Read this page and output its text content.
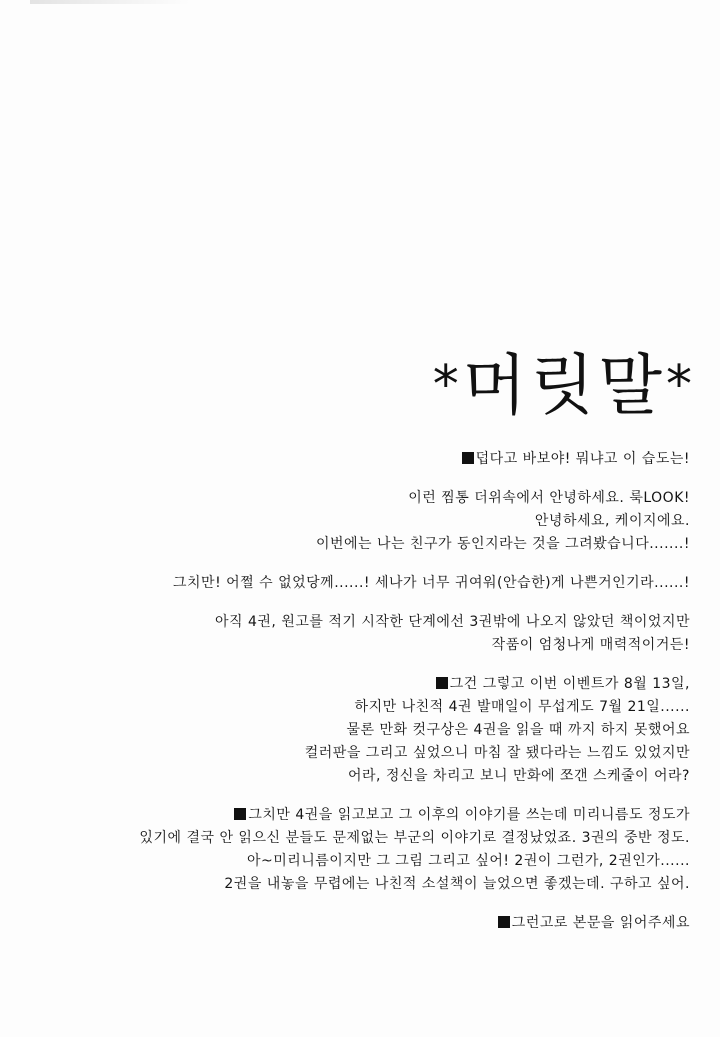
*머릿말*
덥다고 바보야! 뭐냐고 이 습도는!
이런 찜통 더위속에서 안녕하세요. 룩LOOK!
안녕하세요, 케이지에요.
이번에는 나는 친구가 동인지라는 것을 그려봤습니다.......!
그치만! 어쩔 수 없었당께......! 세나가 너무 귀여워(안습한)게 나쁜거인기라......!
아직 4권, 원고를 적기 시작한 단계에선 3권밖에 나오지 않았던 책이었지만
작품이 엄청나게 매력적이거든!
그건 그렇고 이번 이벤트가 8월 13일,
하지만 나친적 4권 발매일이 무섭게도 7월 21일......
물론 만화 컷구상은 4권을 읽을 때 까지 하지 못했어요
컬러판을 그리고 싶었으니 마침 잘 됐다라는 느낌도 있었지만
어라, 정신을 차리고 보니 만화에 쪼갠 스케줄이 어라?
그치만 4권을 읽고보고 그 이후의 이야기를 쓰는데 미리니름도 정도가
있기에 결국 안 읽으신 분들도 문제없는 부군의 이야기로 결정났었죠. 3권의 중반 정도.
아~미리니름이지만 그 그림 그리고 싶어! 2권이 그런가, 2권인가......
2권을 내놓을 무렵에는 나친적 소설책이 늘었으면 좋겠는데. 구하고 싶어.
그런고로 본문을 읽어주세요
